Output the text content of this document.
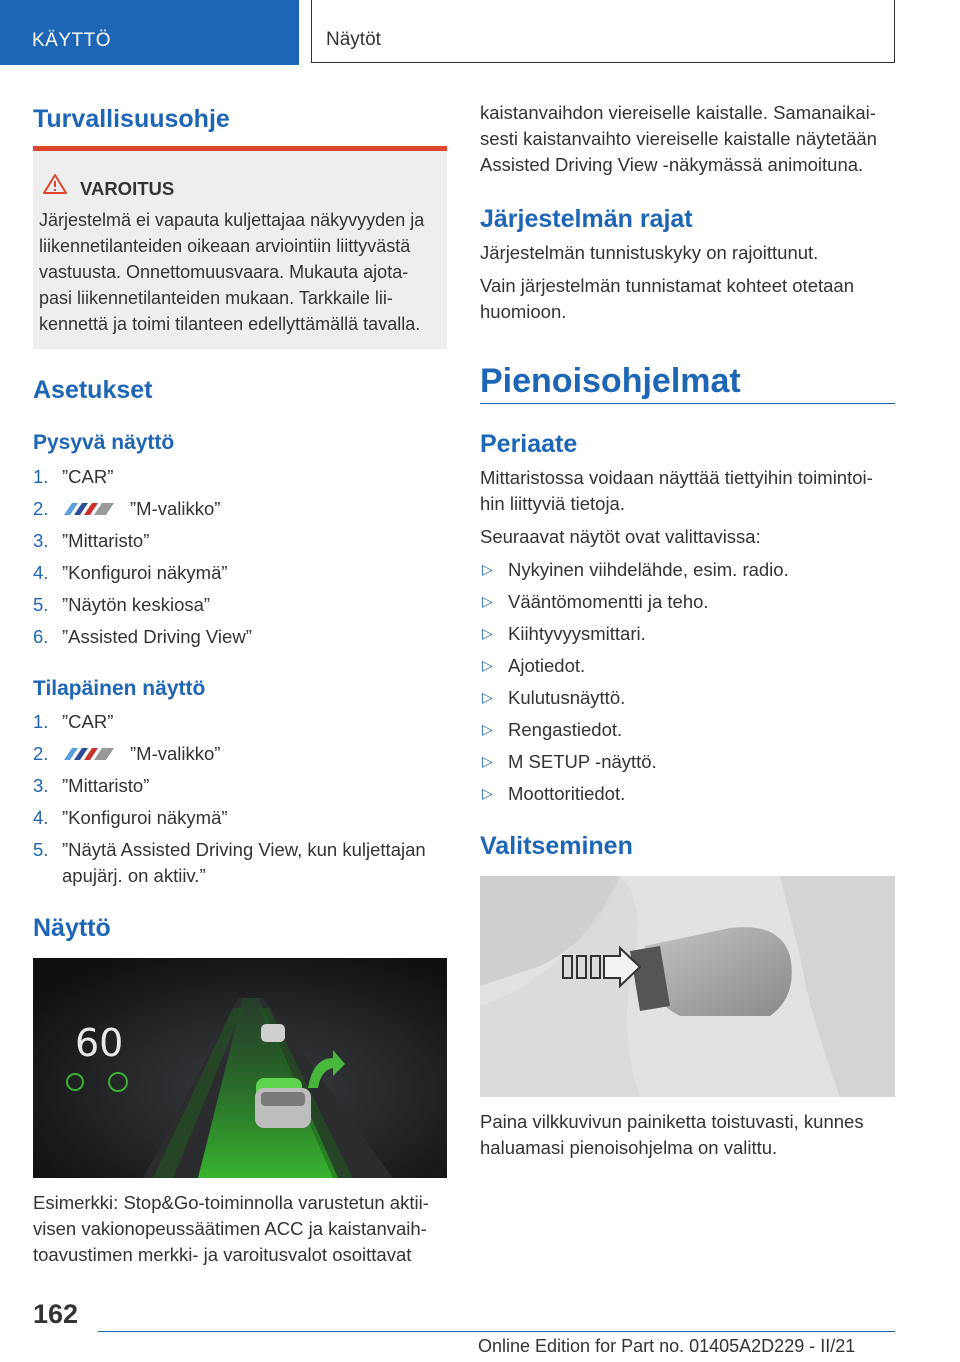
KÄYTTÖ	Näytöt
Turvallisuusohje
VAROITUS
Järjestelmä ei vapauta kuljettajaa näkyvyyden ja
liikennetilanteiden oikeaan arviointiin liittyvästä
vastuusta. Onnettomuusvaara. Mukauta ajota-
pasi liikennetilanteiden mukaan. Tarkkaile lii-
kennettä ja toimi tilanteen edellyttämällä tavalla.
Asetukset
Pysyvä näyttö
1. ”CAR”
2.	”M-valikko”
3. ”Mittaristo”
4. ”Konfiguroi näkymä”
5. ”Näytön keskiosa”
6. ”Assisted Driving View”
Tilapäinen näyttö
1. ”CAR”
2.	”M-valikko”
3. ”Mittaristo”
4. ”Konfiguroi näkymä”
5. ”Näytä Assisted Driving View, kun kuljettajan
apujärj. on aktiiv.”
Näyttö
60
Esimerkki: Stop&Go-toiminnolla varustetun aktii-
visen vakionopeussäätimen ACC ja kaistanvaih-
toavustimen merkki- ja varoitusvalot osoittavat
kaistanvaihdon viereiselle kaistalle. Samanaikai-
sesti kaistanvaihto viereiselle kaistalle näytetään
Assisted Driving View -näkymässä animoituna.
Järjestelmän rajat
Järjestelmän tunnistuskyky on rajoittunut.
Vain järjestelmän tunnistamat kohteet otetaan
huomioon.
Pienoisohjelmat
Periaate
Mittaristossa voidaan näyttää tiettyihin toimintoi-
hin liittyviä tietoja.
Seuraavat näytöt ovat valittavissa:
▷ Nykyinen viihdelähde, esim. radio.
▷ Vääntömomentti ja teho.
▷ Kiihtyvyysmittari.
▷ Ajotiedot.
▷ Kulutusnäyttö.
▷ Rengastiedot.
▷ M SETUP -näyttö.
▷ Moottoritiedot.
Valitseminen
Paina vilkkuvivun painiketta toistuvasti, kunnes
haluamasi pienoisohjelma on valittu.
162
Online Edition for Part no. 01405A2D229 - II/21
